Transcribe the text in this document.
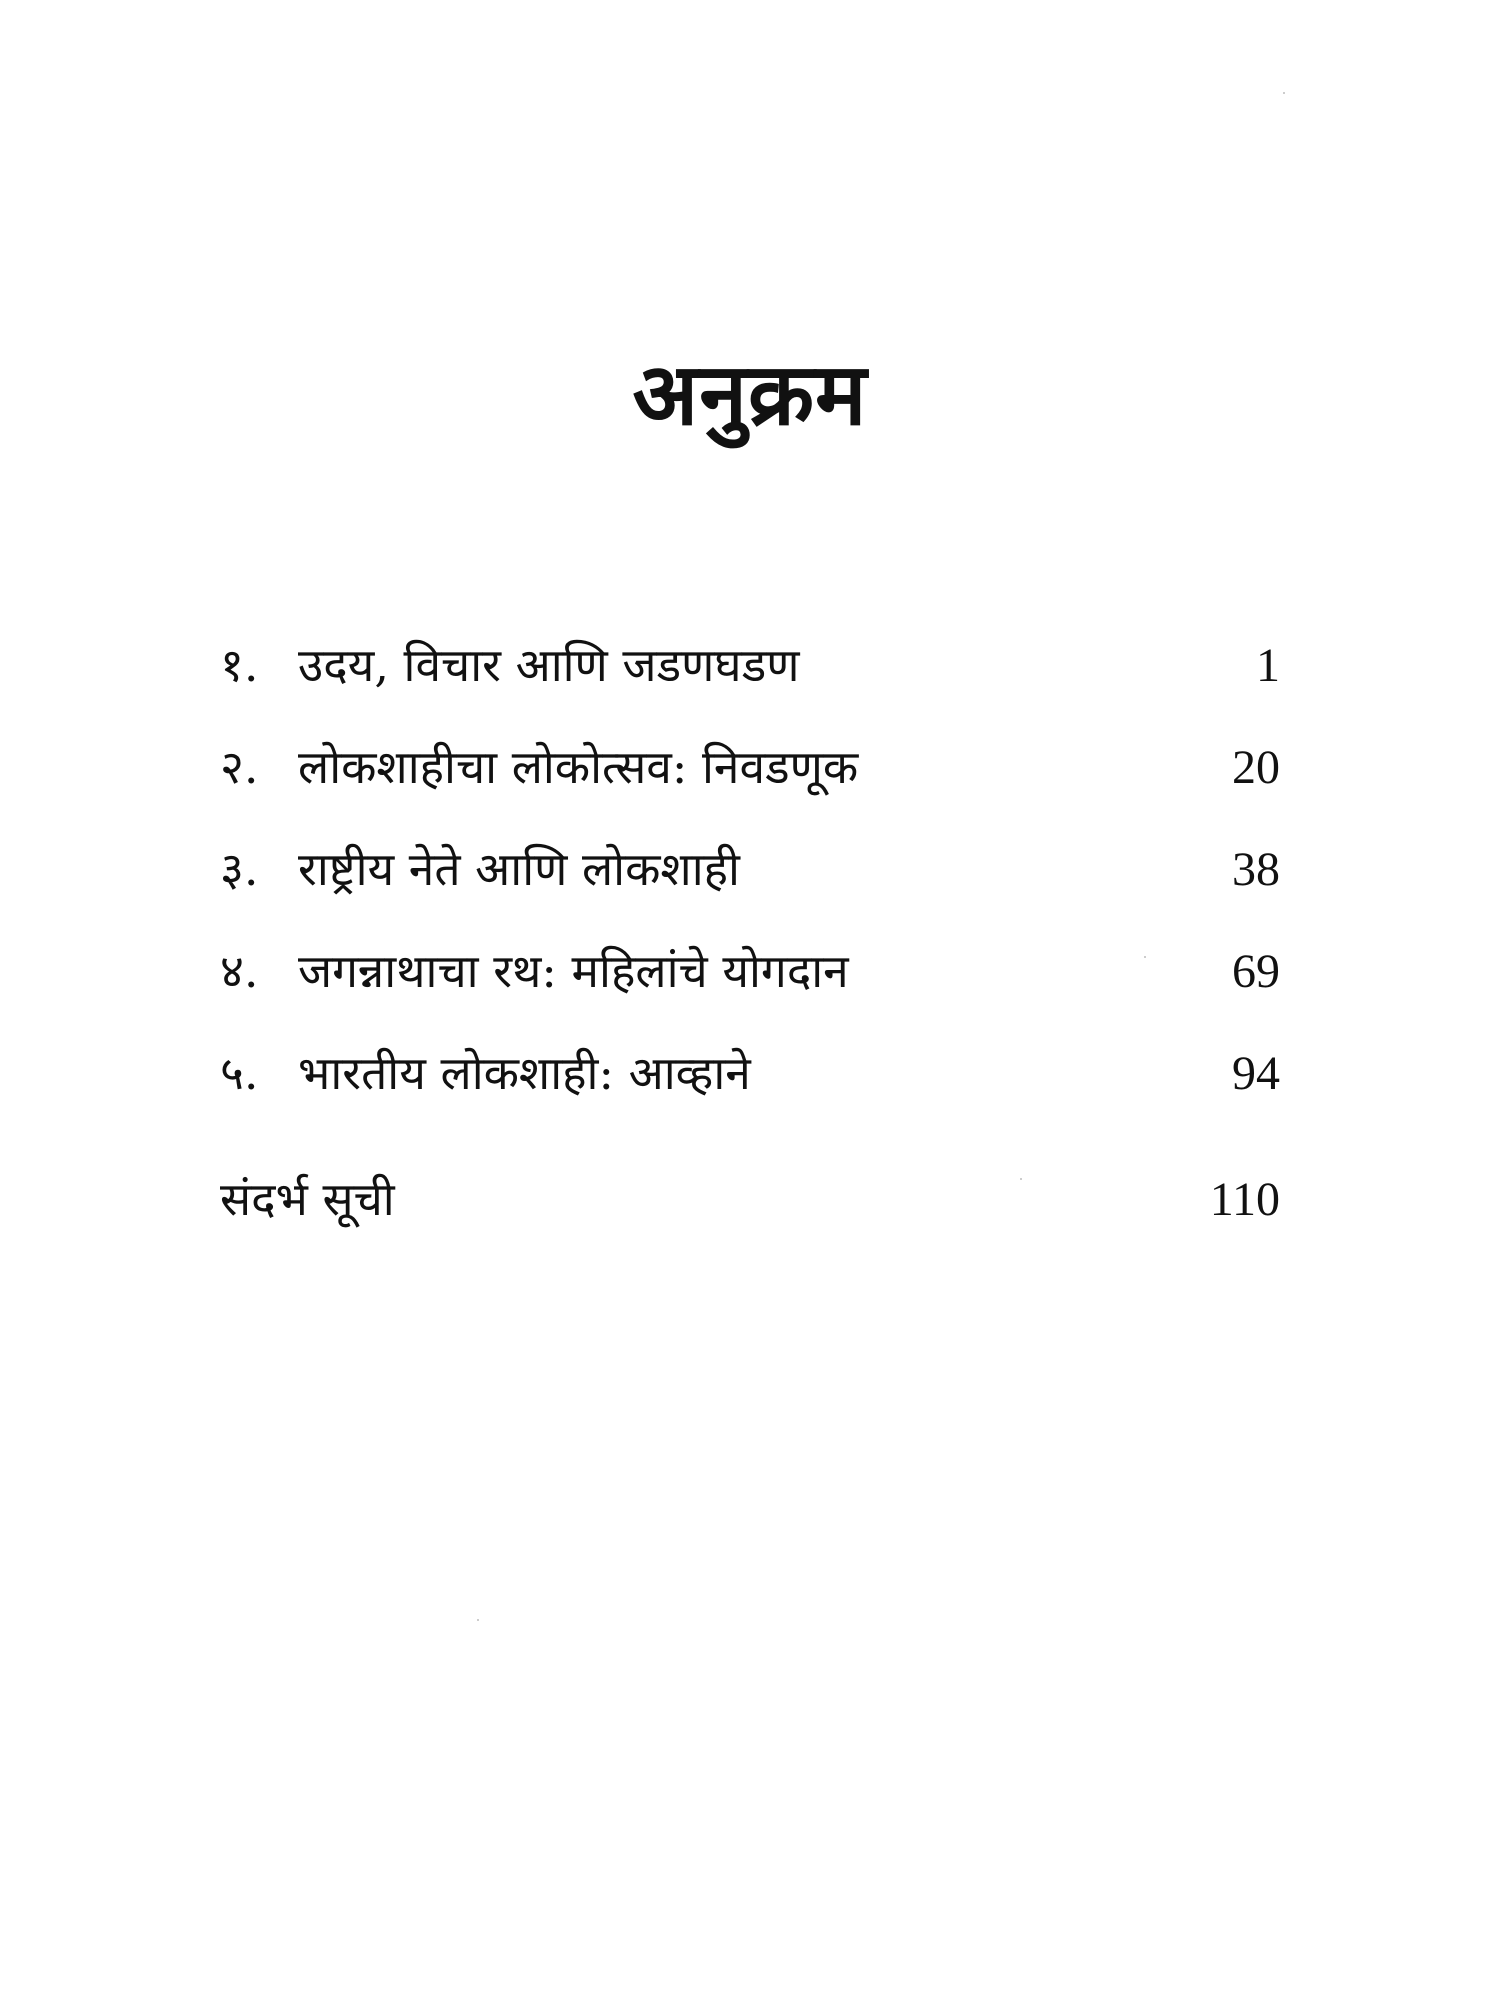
अनुक्रम
१. उदय, विचार आणि जडणघडण	1
२. लोकशाहीचा लोकोत्सव: निवडणूक	20
३. राष्ट्रीय नेते आणि लोकशाही	38
४. जगन्नाथाचा रथ: महिलांचे योगदान	69
५. भारतीय लोकशाही: आव्हाने	94
संदर्भ सूची	110
